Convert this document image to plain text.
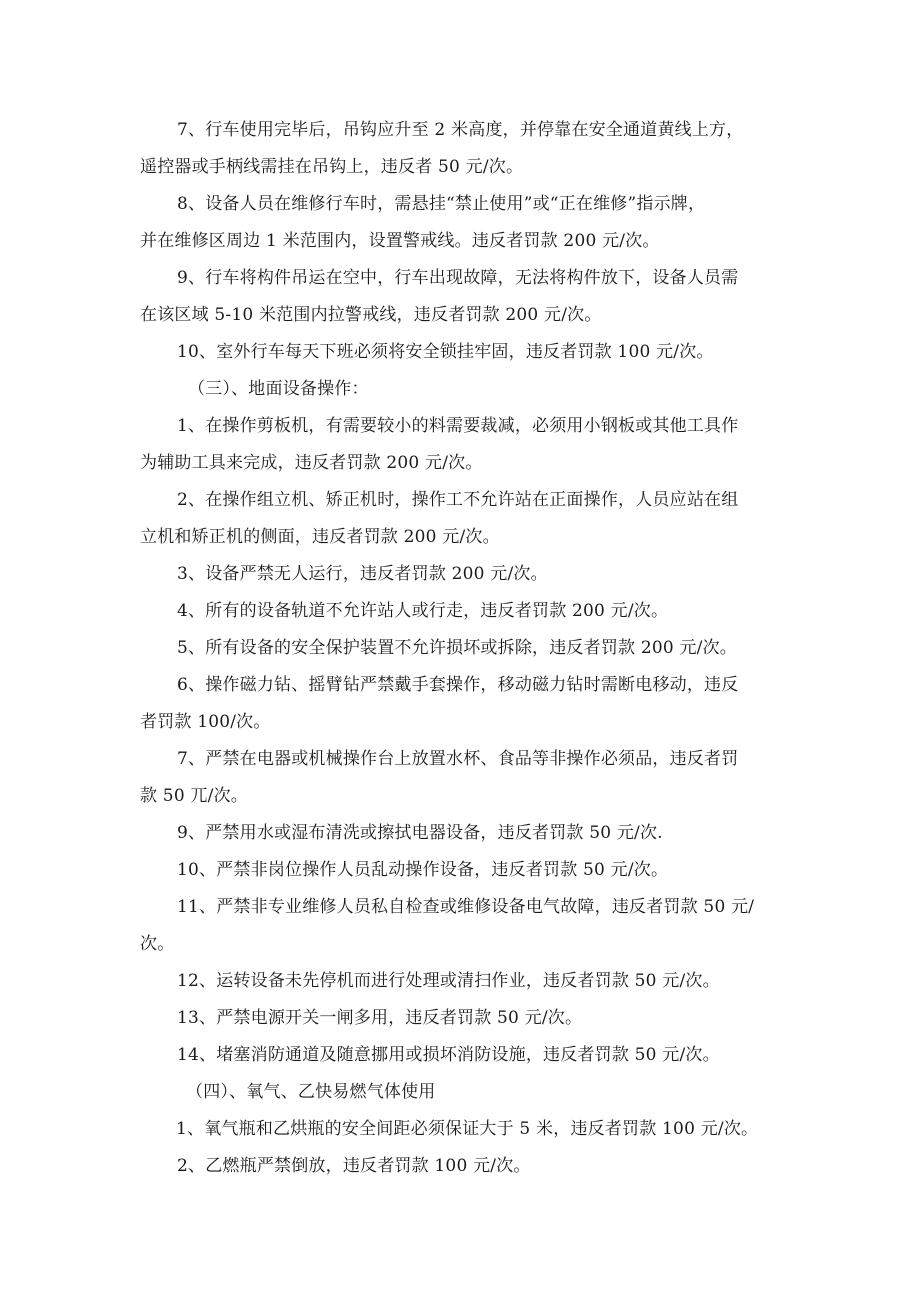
7、行车使用完毕后，吊钩应升至 2 米高度，并停靠在安全通道黄线上方，
遥控器或手柄线需挂在吊钩上，违反者 50 元/次。
8、设备人员在维修行车时，需悬挂“禁止使用”或“正在维修”指示牌，
并在维修区周边 1 米范围内，设置警戒线。违反者罚款 200 元/次。
9、行车将构件吊运在空中，行车出现故障，无法将构件放下，设备人员需
在该区域 5-10 米范围内拉警戒线，违反者罚款 200 元/次。
10、室外行车每天下班必须将安全锁挂牢固，违反者罚款 100 元/次。
（三）、地面设备操作：
1、在操作剪板机，有需要较小的料需要裁减，必须用小钢板或其他工具作
为辅助工具来完成，违反者罚款 200 元/次。
2、在操作组立机、矫正机时，操作工不允许站在正面操作，人员应站在组
立机和矫正机的侧面，违反者罚款 200 元/次。
3、设备严禁无人运行，违反者罚款 200 元/次。
4、所有的设备轨道不允许站人或行走，违反者罚款 200 元/次。
5、所有设备的安全保护装置不允许损坏或拆除，违反者罚款 200 元/次。
6、操作磁力钻、摇臂钻严禁戴手套操作，移动磁力钻时需断电移动，违反
者罚款 100/次。
7、严禁在电器或机械操作台上放置水杯、食品等非操作必须品，违反者罚
款 50 兀/次。
9、严禁用水或湿布清洗或擦拭电器设备，违反者罚款 50 元/次.
10、严禁非岗位操作人员乱动操作设备，违反者罚款 50 元/次。
11、严禁非专业维修人员私自检查或维修设备电气故障，违反者罚款 50 元/
次。
12、运转设备未先停机而进行处理或清扫作业，违反者罚款 50 元/次。
13、严禁电源开关一闸多用，违反者罚款 50 元/次。
14、堵塞消防通道及随意挪用或损坏消防设施，违反者罚款 50 元/次。
（四）、氧气、乙快易燃气体使用
1、氧气瓶和乙烘瓶的安全间距必须保证大于 5 米，违反者罚款 100 元/次。
2、乙燃瓶严禁倒放，违反者罚款 100 元/次。
